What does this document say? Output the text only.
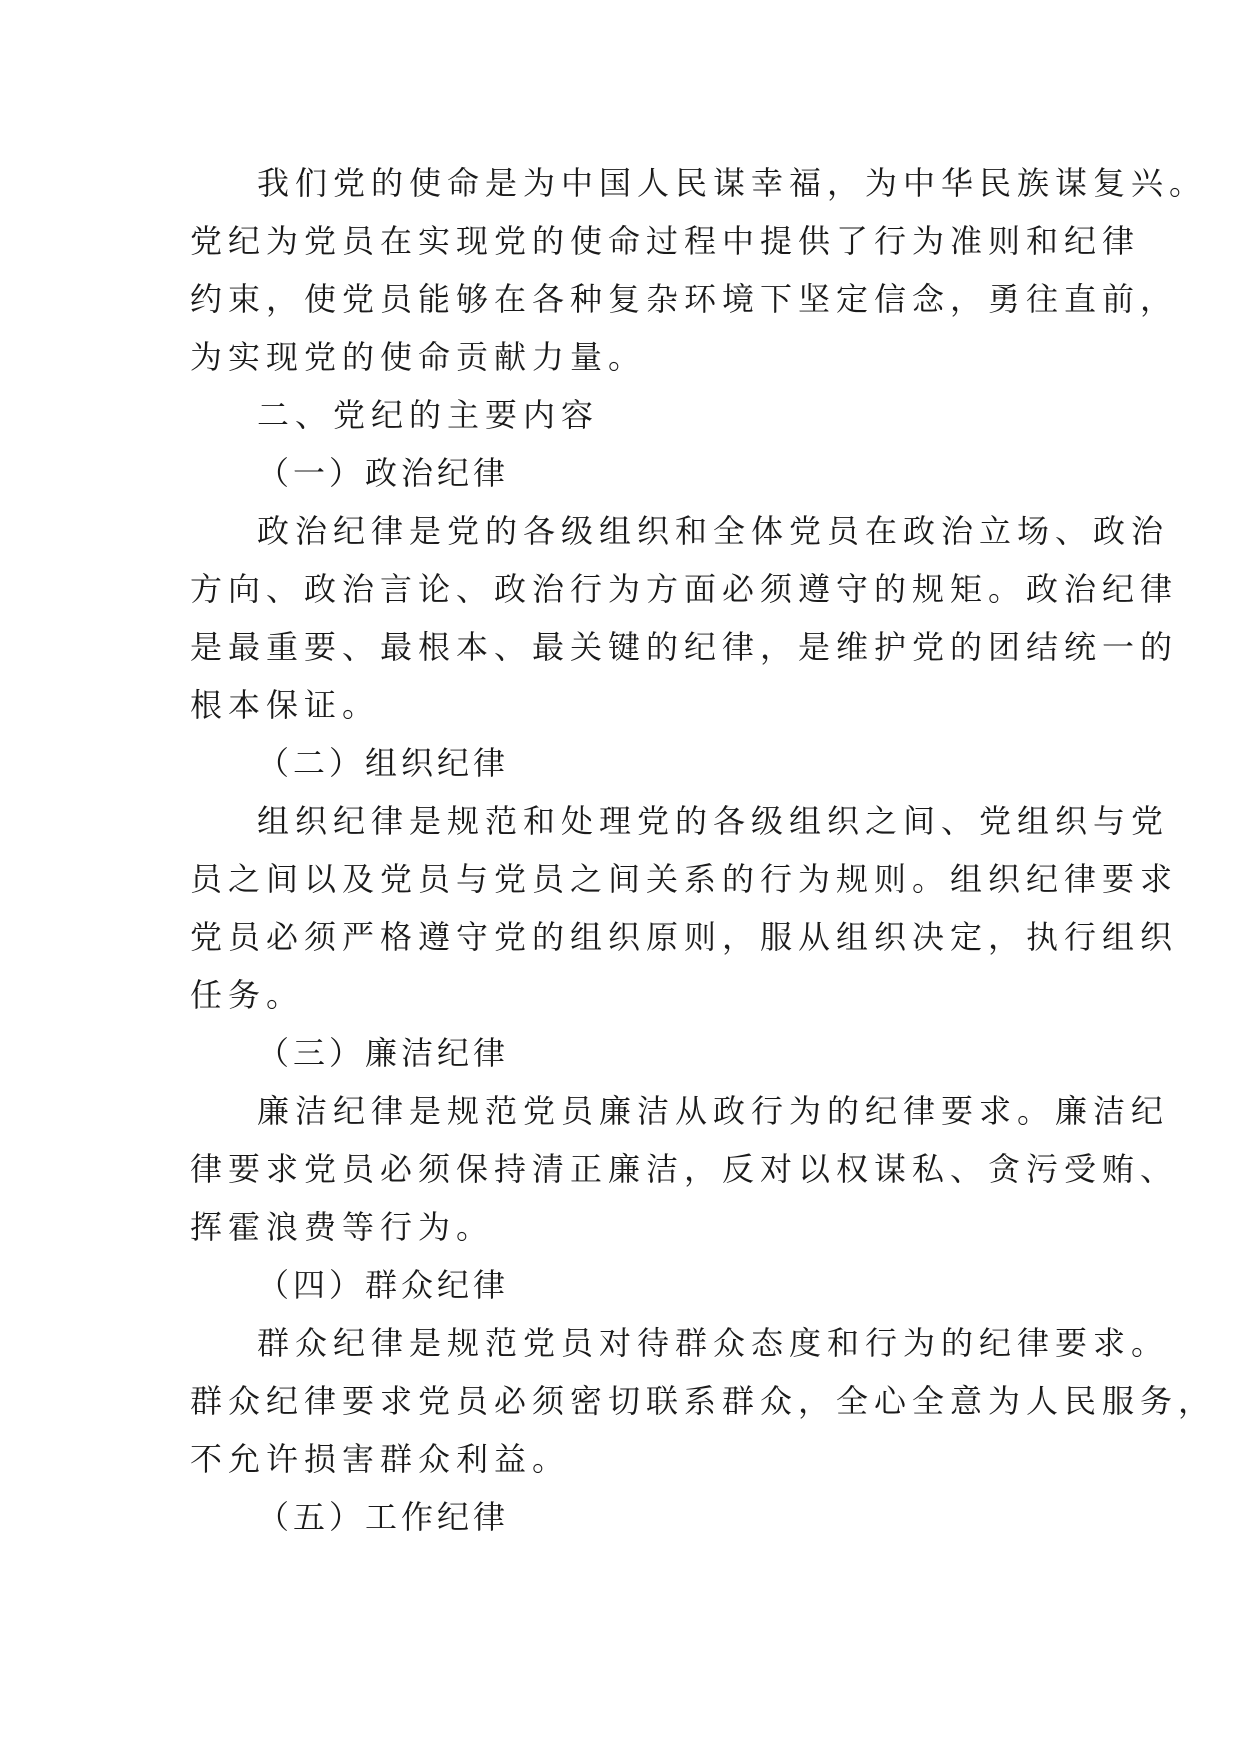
我们党的使命是为中国人民谋幸福，为中华民族谋复兴。
党纪为党员在实现党的使命过程中提供了行为准则和纪律
约束，使党员能够在各种复杂环境下坚定信念，勇往直前，
为实现党的使命贡献力量。
二、党纪的主要内容
（一）政治纪律
政治纪律是党的各级组织和全体党员在政治立场、政治
方向、政治言论、政治行为方面必须遵守的规矩。政治纪律
是最重要、最根本、最关键的纪律，是维护党的团结统一的
根本保证。
（二）组织纪律
组织纪律是规范和处理党的各级组织之间、党组织与党
员之间以及党员与党员之间关系的行为规则。组织纪律要求
党员必须严格遵守党的组织原则，服从组织决定，执行组织
任务。
（三）廉洁纪律
廉洁纪律是规范党员廉洁从政行为的纪律要求。廉洁纪
律要求党员必须保持清正廉洁，反对以权谋私、贪污受贿、
挥霍浪费等行为。
（四）群众纪律
群众纪律是规范党员对待群众态度和行为的纪律要求。
群众纪律要求党员必须密切联系群众，全心全意为人民服务，
不允许损害群众利益。
（五）工作纪律
